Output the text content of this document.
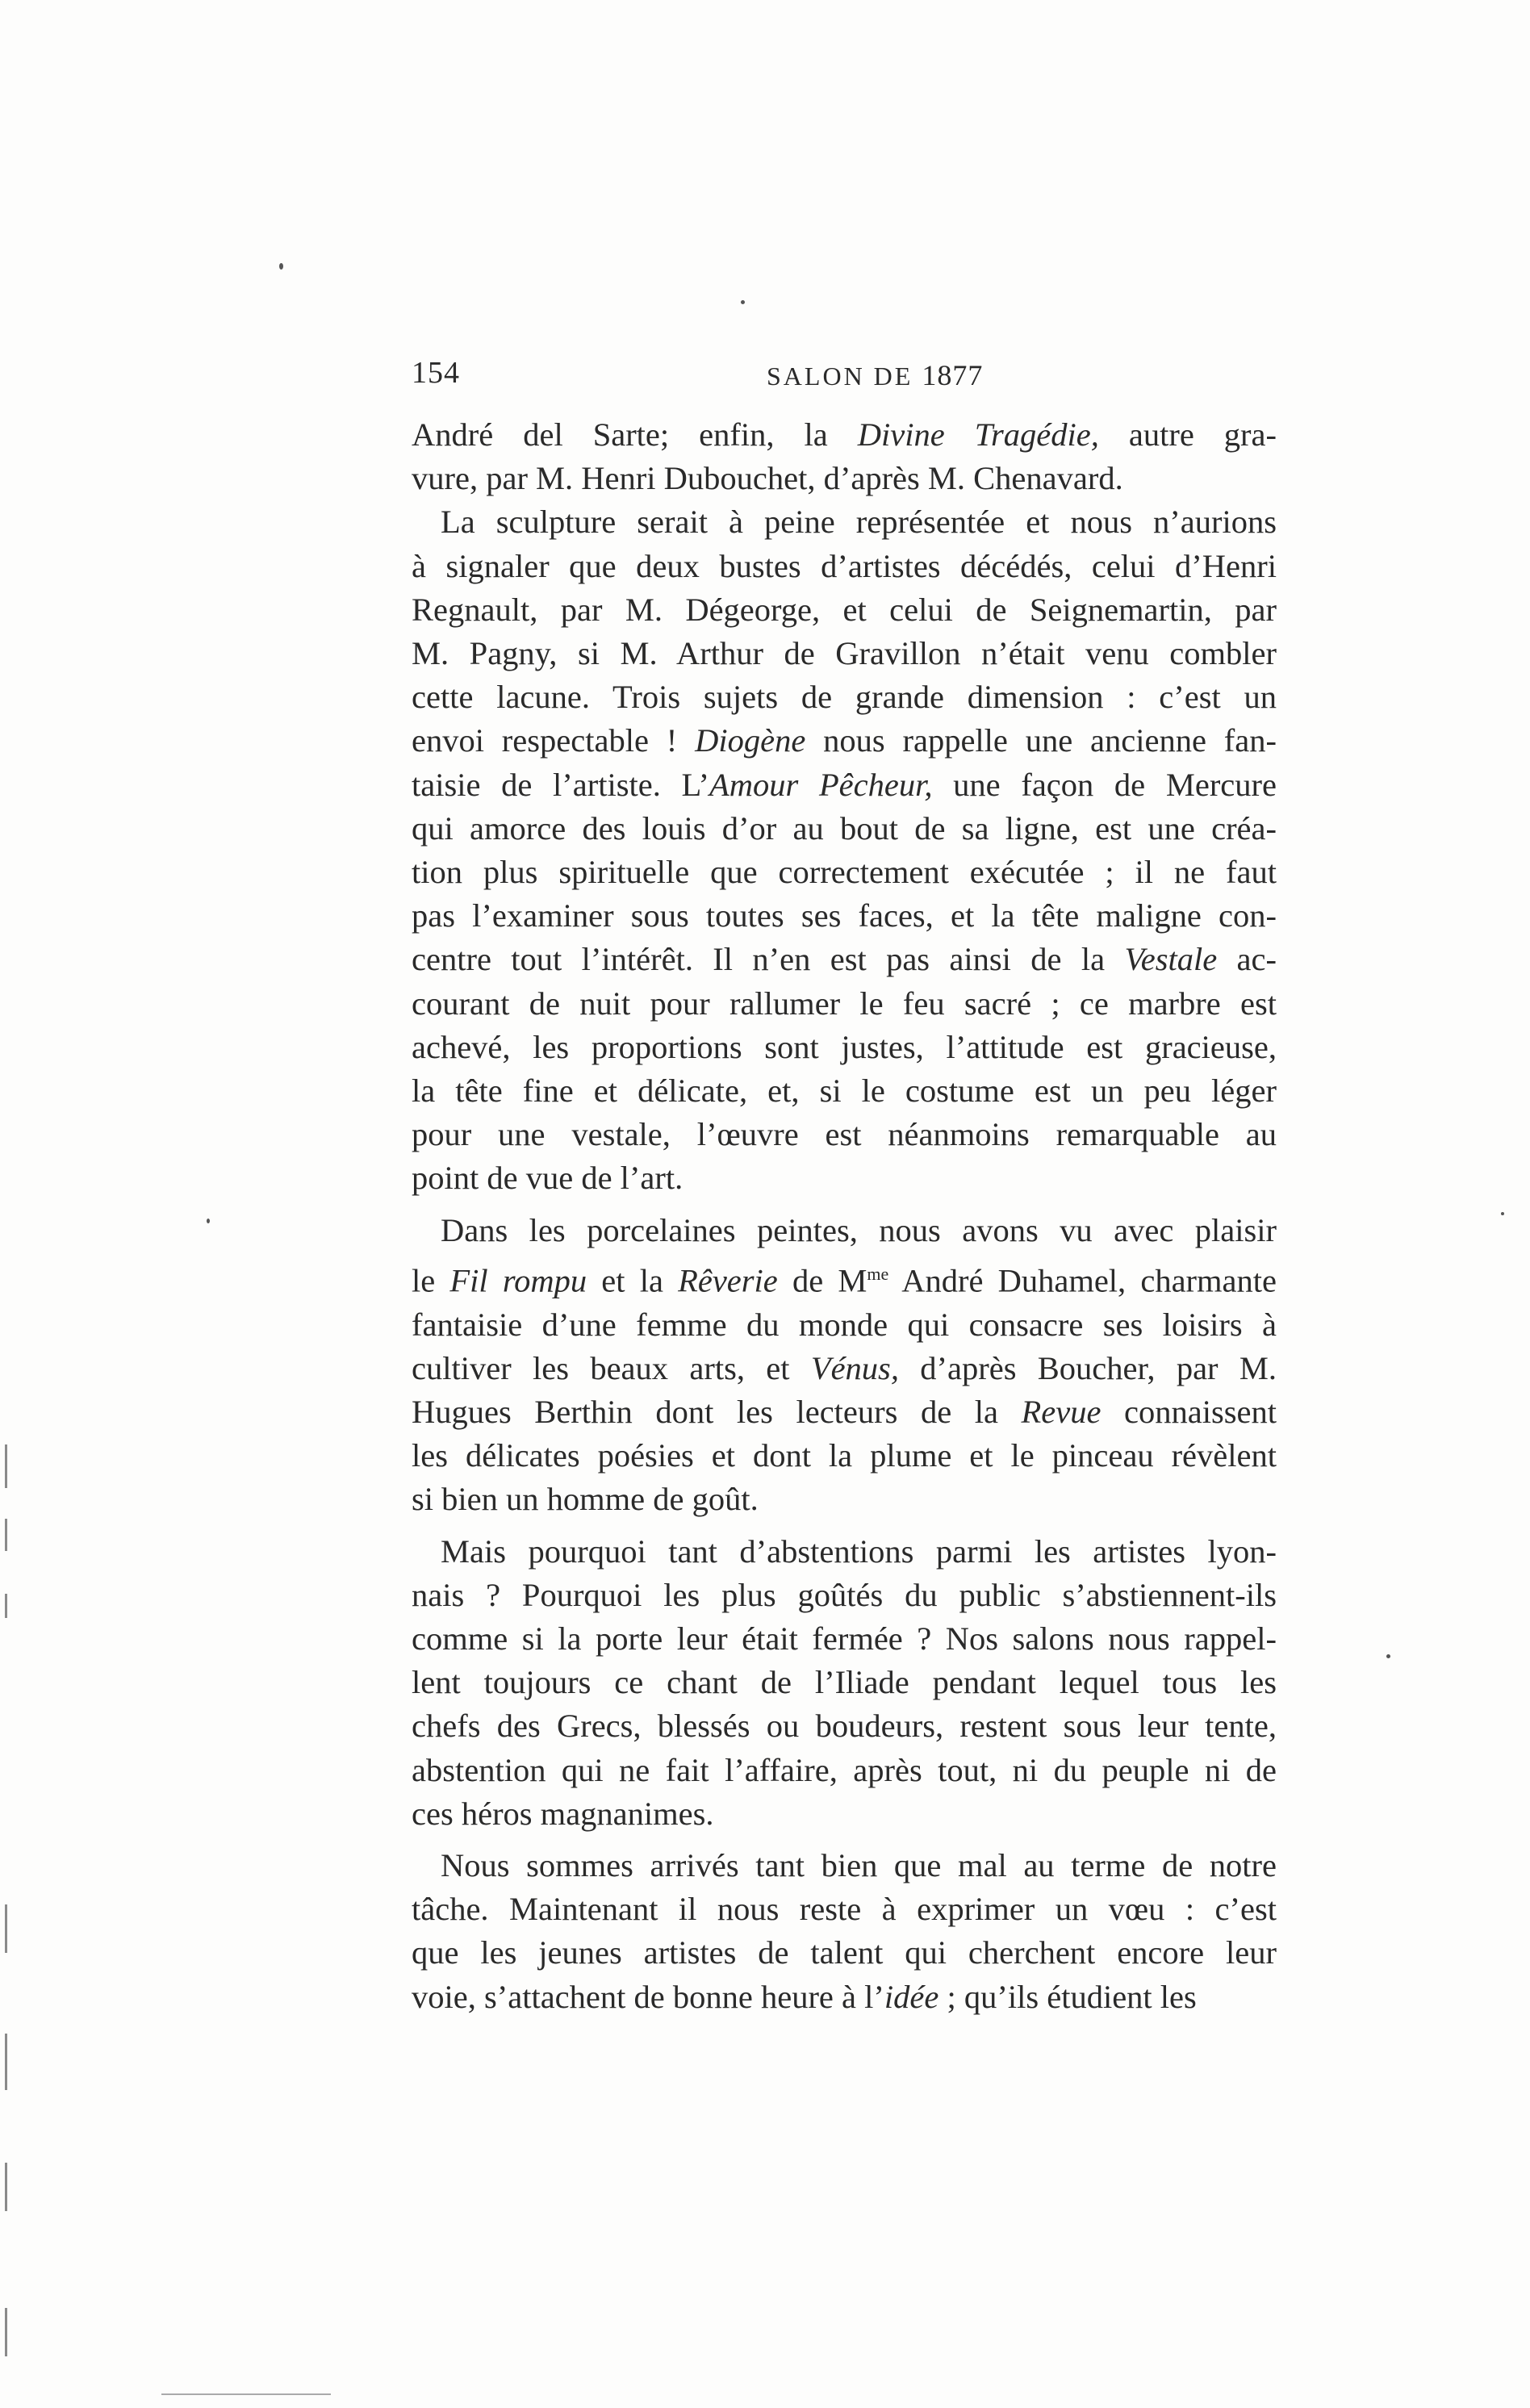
154	SALON DE 1877
André del Sarte; enfin, la Divine Tragédie, autre gra-
vure, par M. Henri Dubouchet, d’après M. Chenavard.
La sculpture serait à peine représentée et nous n’aurions
à signaler que deux bustes d’artistes décédés, celui d’Henri
Regnault, par M. Dégeorge, et celui de Seignemartin, par
M. Pagny, si M. Arthur de Gravillon n’était venu combler
cette lacune. Trois sujets de grande dimension : c’est un
envoi respectable ! Diogène nous rappelle une ancienne fan-
taisie de l’artiste. L’Amour Pêcheur, une façon de Mercure
qui amorce des louis d’or au bout de sa ligne, est une créa-
tion plus spirituelle que correctement exécutée ; il ne faut
pas l’examiner sous toutes ses faces, et la tête maligne con-
centre tout l’intérêt. Il n’en est pas ainsi de la Vestale ac-
courant de nuit pour rallumer le feu sacré ; ce marbre est
achevé, les proportions sont justes, l’attitude est gracieuse,
la tête fine et délicate, et, si le costume est un peu léger
pour une vestale, l’œuvre est néanmoins remarquable au
point de vue de l’art.
Dans les porcelaines peintes, nous avons vu avec plaisir
le Fil rompu et la Rêverie de $M^{me}$ André Duhamel, charmante
fantaisie d’une femme du monde qui consacre ses loisirs à
cultiver les beaux arts, et Vénus, d’après Boucher, par M.
Hugues Berthin dont les lecteurs de la Revue connaissent
les délicates poésies et dont la plume et le pinceau révèlent
si bien un homme de goût.
Mais pourquoi tant d’abstentions parmi les artistes lyon-
nais ? Pourquoi les plus goûtés du public s’abstiennent-ils
comme si la porte leur était fermée ? Nos salons nous rappel-
lent toujours ce chant de l’Iliade pendant lequel tous les
chefs des Grecs, blessés ou boudeurs, restent sous leur tente,
abstention qui ne fait l’affaire, après tout, ni du peuple ni de
ces héros magnanimes.
Nous sommes arrivés tant bien que mal au terme de notre
tâche. Maintenant il nous reste à exprimer un vœu : c’est
que les jeunes artistes de talent qui cherchent encore leur
voie, s’attachent de bonne heure à l’idée ; qu’ils étudient les
